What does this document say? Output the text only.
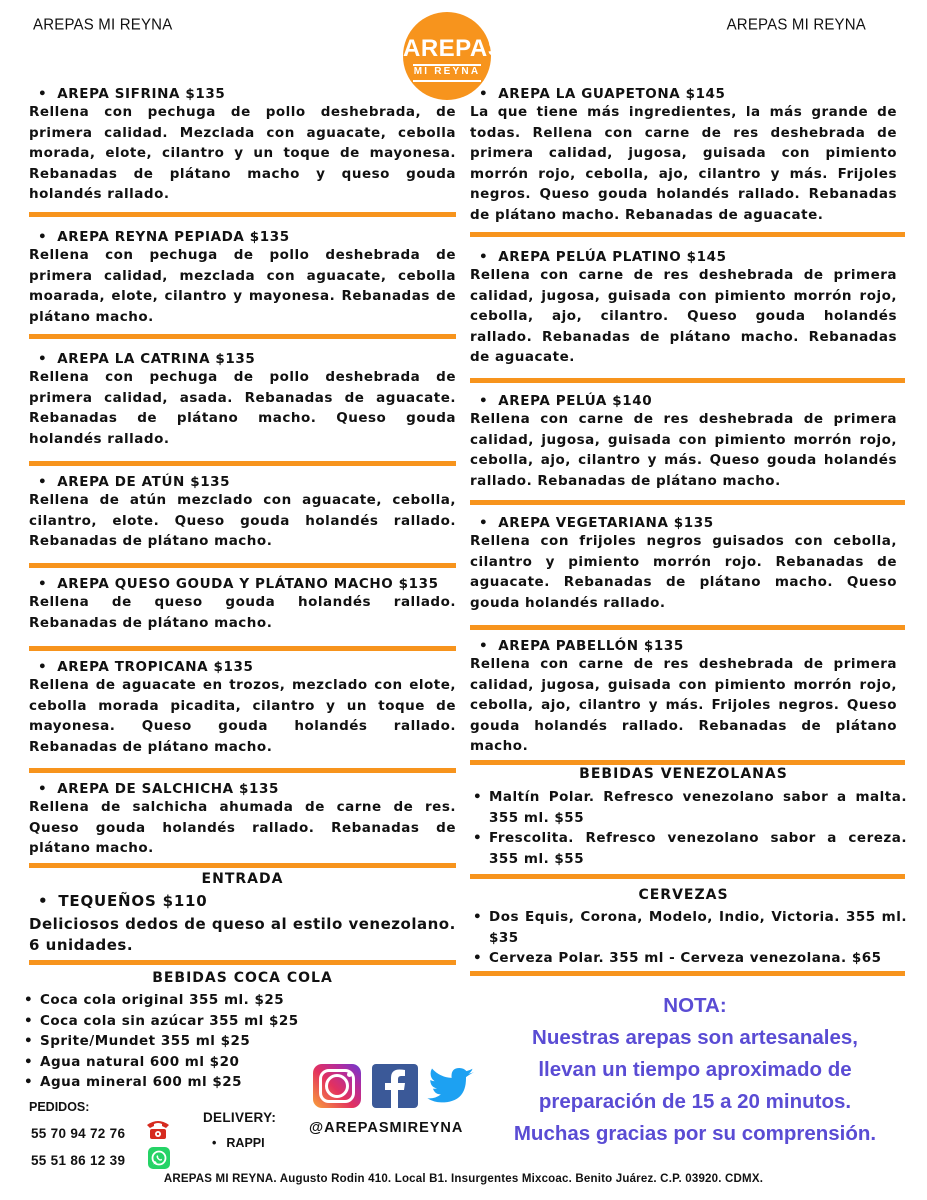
AREPAS MI REYNA	AREPAS MI REYNA
AREPAS
MI REYNA
• AREPA SIFRINA $135
Rellena con pechuga de pollo deshebrada, de primera calidad. Mezclada con aguacate, cebolla morada, elote, cilantro y un toque de mayonesa. Rebanadas de plátano macho y queso gouda holandés rallado.
• AREPA REYNA PEPIADA $135
Rellena con pechuga de pollo deshebrada de primera calidad, mezclada con aguacate, cebolla moarada, elote, cilantro y mayonesa. Rebanadas de plátano macho.
• AREPA LA CATRINA $135
Rellena con pechuga de pollo deshebrada de primera calidad, asada. Rebanadas de aguacate. Rebanadas de plátano macho. Queso gouda holandés rallado.
• AREPA DE ATÚN $135
Rellena de atún mezclado con aguacate, cebolla, cilantro, elote. Queso gouda holandés rallado. Rebanadas de plátano macho.
• AREPA QUESO GOUDA Y PLÁTANO MACHO $135
Rellena de queso gouda holandés rallado. Rebanadas de plátano macho.
• AREPA TROPICANA $135
Rellena de aguacate en trozos, mezclado con elote, cebolla morada picadita, cilantro y un toque de mayonesa. Queso gouda holandés rallado. Rebanadas de plátano macho.
• AREPA DE SALCHICHA $135
Rellena de salchicha ahumada de carne de res. Queso gouda holandés rallado. Rebanadas de plátano macho.
ENTRADA
• TEQUEÑOS $110
Deliciosos dedos de queso al estilo venezolano. 6 unidades.
BEBIDAS COCA COLA
• Coca cola original 355 ml. $25
• Coca cola sin azúcar 355 ml $25
• Sprite/Mundet 355 ml $25
• Agua natural 600 ml $20
• Agua mineral 600 ml $25
• AREPA LA GUAPETONA $145
La que tiene más ingredientes, la más grande de todas. Rellena con carne de res deshebrada de primera calidad, jugosa, guisada con pimiento morrón rojo, cebolla, ajo, cilantro y más. Frijoles negros. Queso gouda holandés rallado. Rebanadas de plátano macho. Rebanadas de aguacate.
• AREPA PELÚA PLATINO $145
Rellena con carne de res deshebrada de primera calidad, jugosa, guisada con pimiento morrón rojo, cebolla, ajo, cilantro. Queso gouda holandés rallado. Rebanadas de plátano macho. Rebanadas de aguacate.
• AREPA PELÚA $140
Rellena con carne de res deshebrada de primera calidad, jugosa, guisada con pimiento morrón rojo, cebolla, ajo, cilantro y más. Queso gouda holandés rallado. Rebanadas de plátano macho.
• AREPA VEGETARIANA $135
Rellena con frijoles negros guisados con cebolla, cilantro y pimiento morrón rojo. Rebanadas de aguacate. Rebanadas de plátano macho. Queso gouda holandés rallado.
• AREPA PABELLÓN $135
Rellena con carne de res deshebrada de primera calidad, jugosa, guisada con pimiento morrón rojo, cebolla, ajo, cilantro y más. Frijoles negros. Queso gouda holandés rallado. Rebanadas de plátano macho.
BEBIDAS VENEZOLANAS
• Maltín Polar. Refresco venezolano sabor a malta. 355 ml. $55
• Frescolita. Refresco venezolano sabor a cereza. 355 ml. $55
CERVEZAS
• Dos Equis, Corona, Modelo, Indio, Victoria. 355 ml. $35
• Cerveza Polar. 355 ml - Cerveza venezolana. $65
NOTA:
Nuestras arepas son artesanales,
llevan un tiempo aproximado de
preparación de 15 a 20 minutos.
Muchas gracias por su comprensión.
PEDIDOS:
55 70 94 72 76
55 51 86 12 39
DELIVERY:
• RAPPI
@AREPASMIREYNA
AREPAS MI REYNA. Augusto Rodin 410. Local B1. Insurgentes Mixcoac. Benito Juárez. C.P. 03920. CDMX.
